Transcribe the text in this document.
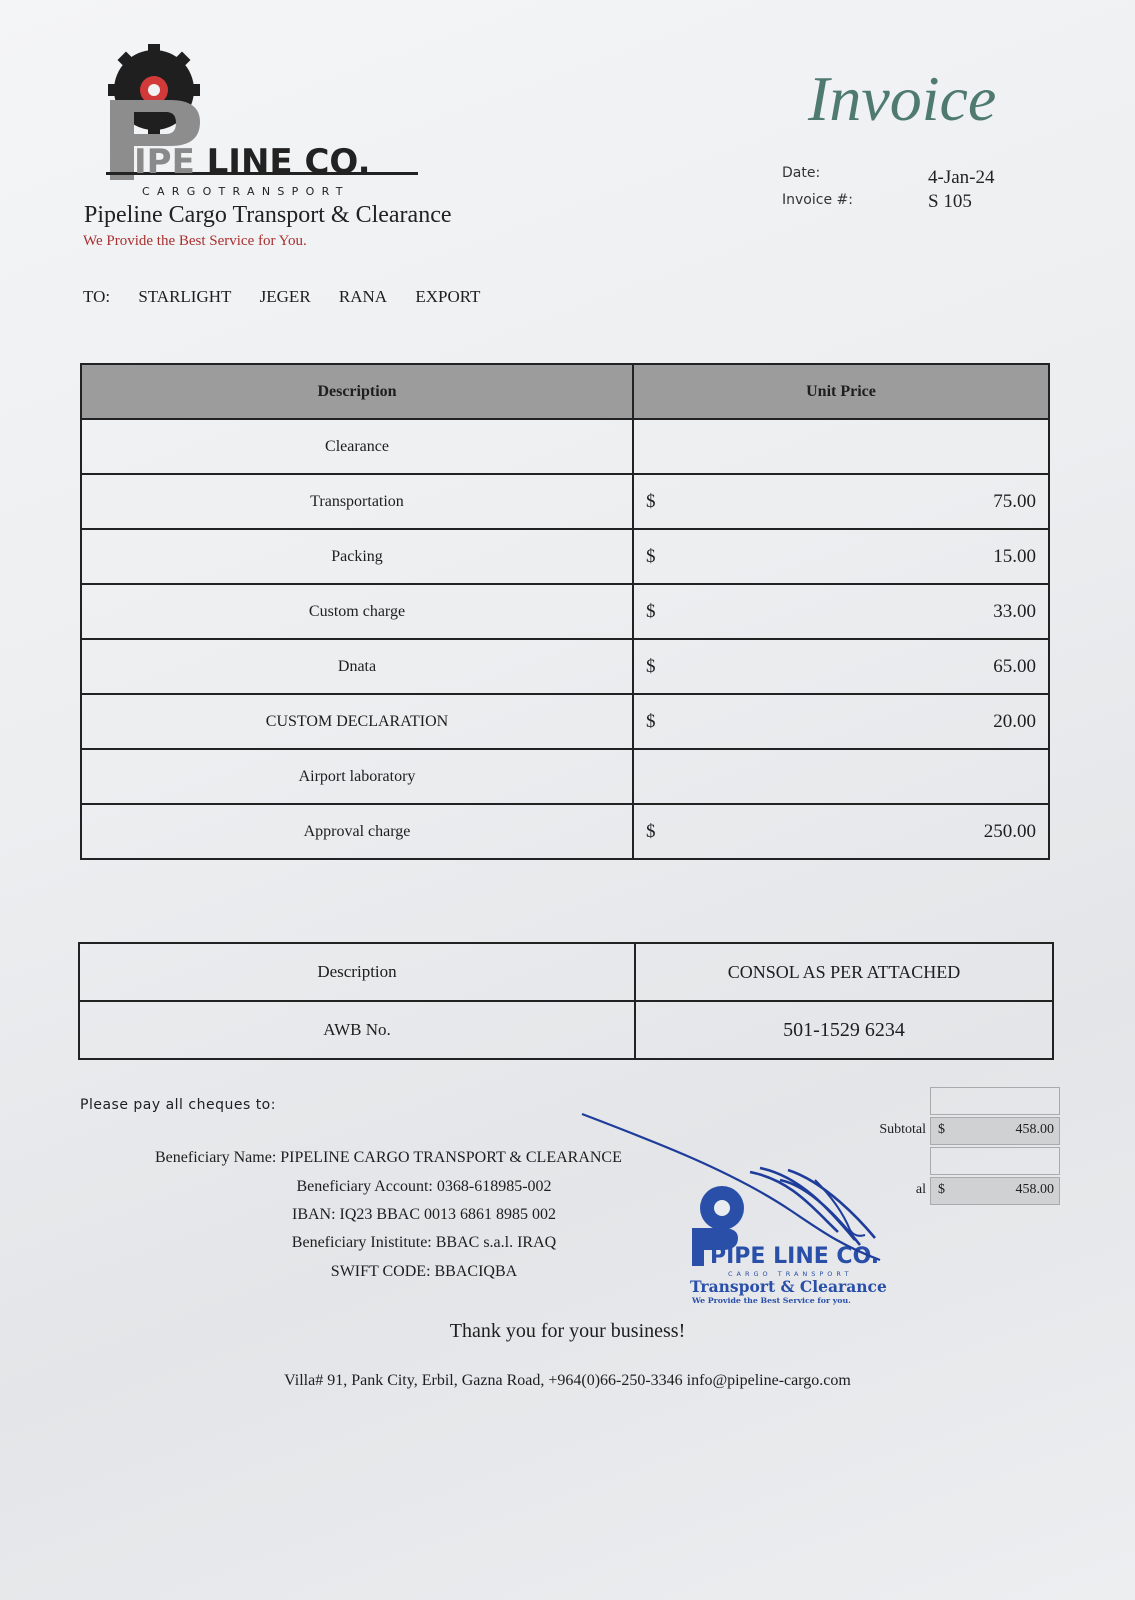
IPE LINE CO.
CARGOTRANSPORT
Pipeline Cargo Transport & Clearance
We Provide the Best Service for You.
Invoice
Date:	4-Jan-24
Invoice #:	S 105
TO: STARLIGHT JEGER RANA EXPORT
Description	Unit Price
Clearance	

Transportation	$ 75.00

Packing	$ 15.00

Custom charge	$ 33.00

Dnata	$ 65.00

CUSTOM DECLARATION	$ 20.00

Airport laboratory	

Approval charge	$ 250.00
Description	CONSOL AS PER ATTACHED
AWB No.	501-1529 6234
Please pay all cheques to:
Beneficiary Name: PIPELINE CARGO TRANSPORT & CLEARANCE
Beneficiary Account: 0368-618985-002
IBAN: IQ23 BBAC 0013 6861 8985 002
Beneficiary Inistitute: BBAC s.a.l. IRAQ
SWIFT CODE: BBACIQBA
Subtotal $	458.00
al $	458.00
PIPE LINE CO.
CARGO TRANSPORT
Transport & Clearance
We Provide the Best Service for you.
Thank you for your business!
Villa# 91, Pank City, Erbil, Gazna Road, +964(0)66-250-3346 info@pipeline-cargo.com
